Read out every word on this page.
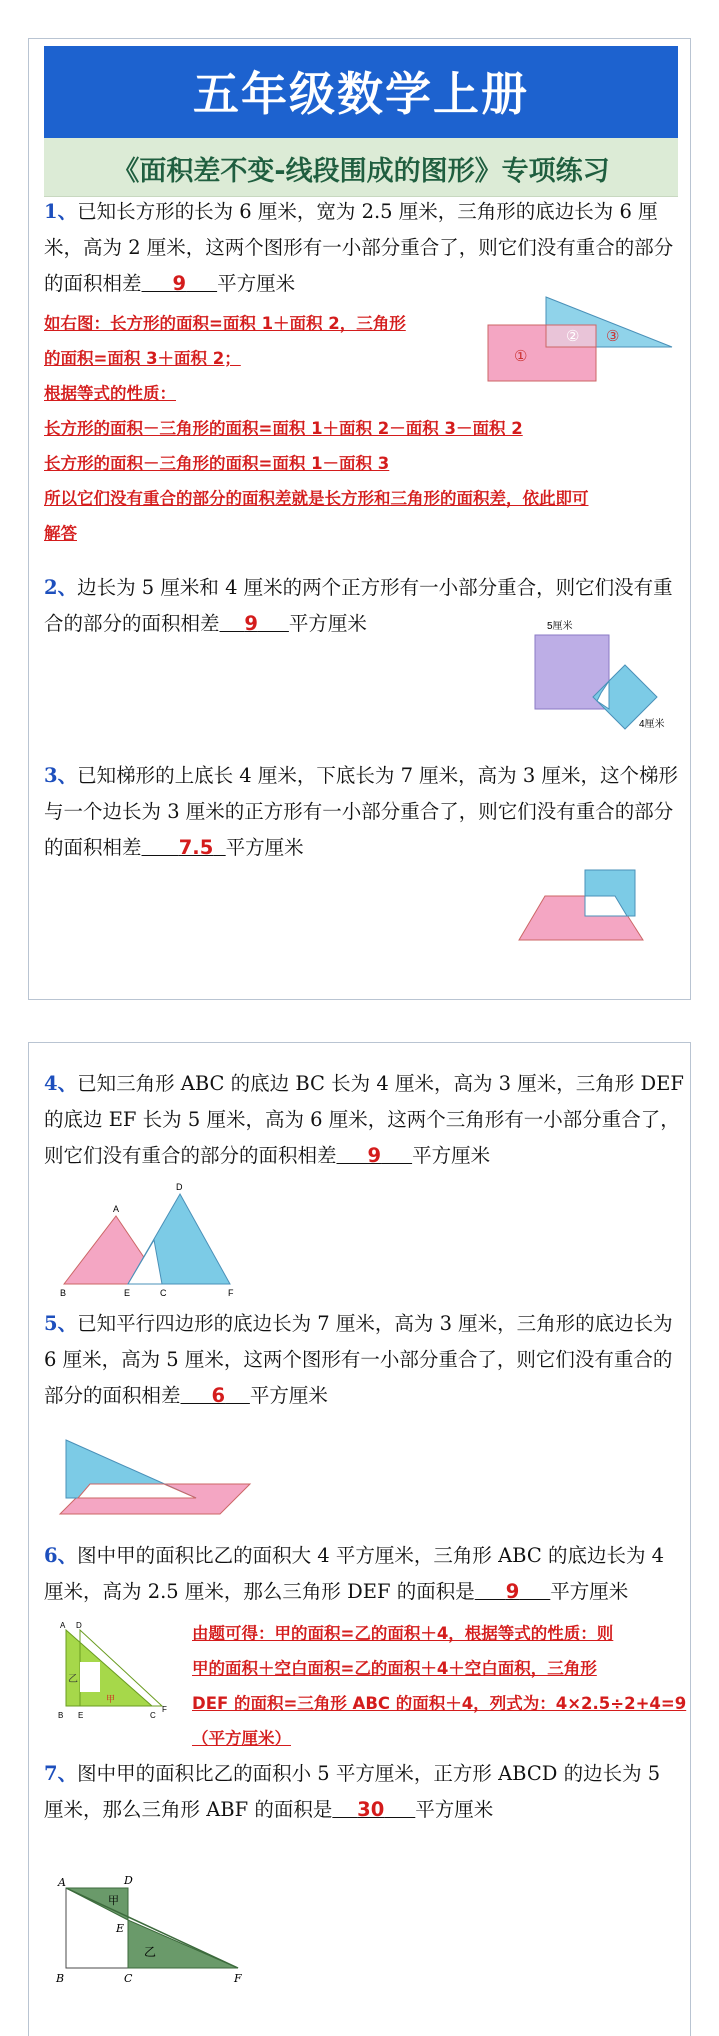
五年级数学上册
《面积差不变-线段围成的图形》专项练习
1、已知长方形的长为 6 厘米，宽为 2.5 厘米，三角形的底边长为 6 厘米，高为 2 厘米，这两个图形有一小部分重合了，则它们没有重合的部分的面积相差 9 平方厘米
如右图：长方形的面积=面积 1＋面积 2，三角形
的面积=面积 3＋面积 2；
根据等式的性质：
长方形的面积－三角形的面积=面积 1＋面积 2－面积 3－面积 2
长方形的面积－三角形的面积=面积 1－面积 3
所以它们没有重合的部分的面积差就是长方形和三角形的面积差，依此即可
解答
①
② ③
2、边长为 5 厘米和 4 厘米的两个正方形有一小部分重合，则它们没有重合的部分的面积相差 9 平方厘米	5厘米
4厘米
3、已知梯形的上底长 4 厘米，下底长为 7 厘米，高为 3 厘米，这个梯形与一个边长为 3 厘米的正方形有一小部分重合了，则它们没有重合的部分的面积相差 7.5 平方厘米
4、已知三角形 ABC 的底边 BC 长为 4 厘米，高为 3 厘米，三角形 DEF 的底边 EF 长为 5 厘米，高为 6 厘米，这两个三角形有一小部分重合了，则它们没有重合的部分的面积相差 9 平方厘米
A
B	E	C	F
D
5、已知平行四边形的底边长为 7 厘米，高为 3 厘米，三角形的底边长为 6 厘米，高为 5 厘米，这两个图形有一小部分重合了，则它们没有重合的部分的面积相差 6 平方厘米
6、图中甲的面积比乙的面积大 4 平方厘米，三角形 ABC 的底边长为 4 厘米，高为 2.5 厘米，那么三角形 DEF 的面积是 9 平方厘米
由题可得：甲的面积=乙的面积＋4，根据等式的性质：则
甲的面积＋空白面积=乙的面积＋4＋空白面积，三角形
DEF 的面积=三角形 ABC 的面积＋4，列式为：4×2.5÷2+4=9
（平方厘米）
A D
乙
甲
B E	C
F
7、图中甲的面积比乙的面积小 5 平方厘米，正方形 ABCD 的边长为 5 厘米，那么三角形 ABF 的面积是 30 平方厘米
A	D
甲
E
乙
B	C	F
